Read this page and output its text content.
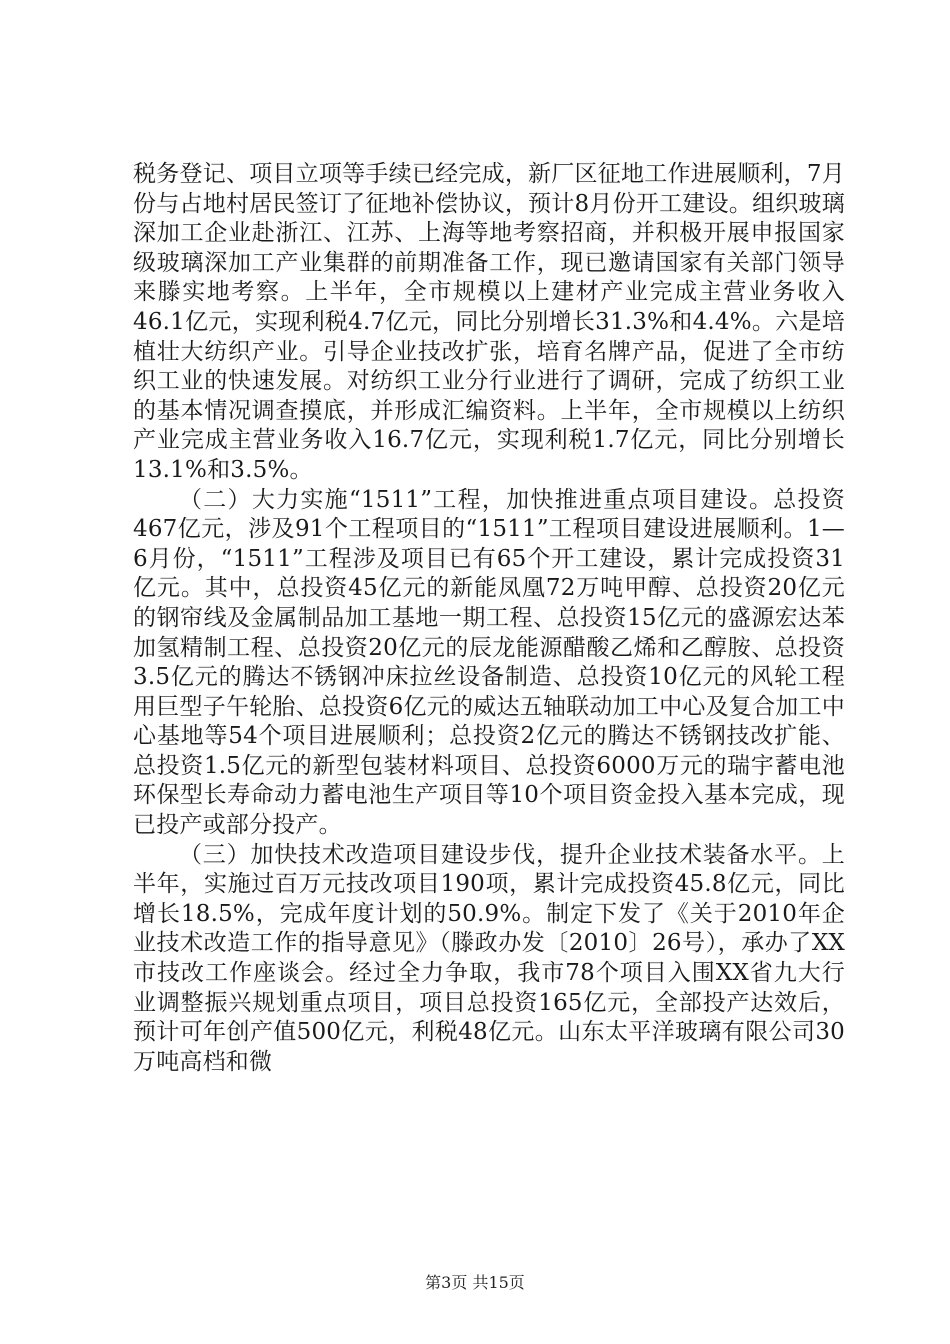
税务登记、项目立项等手续已经完成，新厂区征地工作进展顺利，7月份与占地村居民签订了征地补偿协议，预计8月份开工建设。组织玻璃深加工企业赴浙江、江苏、上海等地考察招商，并积极开展申报国家级玻璃深加工产业集群的前期准备工作，现已邀请国家有关部门领导来滕实地考察。上半年，全市规模以上建材产业完成主营业务收入46.1亿元，实现利税4.7亿元，同比分别增长31.3%和4.4%。六是培植壮大纺织产业。引导企业技改扩张，培育名牌产品，促进了全市纺织工业的快速发展。对纺织工业分行业进行了调研，完成了纺织工业的基本情况调查摸底，并形成汇编资料。上半年，全市规模以上纺织产业完成主营业务收入16.7亿元，实现利税1.7亿元，同比分别增长13.1%和3.5%。

（二）大力实施“1511”工程，加快推进重点项目建设。总投资467亿元，涉及91个工程项目的“1511”工程项目建设进展顺利。1—6月份，“1511”工程涉及项目已有65个开工建设，累计完成投资31亿元。其中，总投资45亿元的新能凤凰72万吨甲醇、总投资20亿元的钢帘线及金属制品加工基地一期工程、总投资15亿元的盛源宏达苯加氢精制工程、总投资20亿元的辰龙能源醋酸乙烯和乙醇胺、总投资3.5亿元的腾达不锈钢冲床拉丝设备制造、总投资10亿元的风轮工程用巨型子午轮胎、总投资6亿元的威达五轴联动加工中心及复合加工中心基地等54个项目进展顺利；总投资2亿元的腾达不锈钢技改扩能、总投资1.5亿元的新型包装材料项目、总投资6000万元的瑞宇蓄电池环保型长寿命动力蓄电池生产项目等10个项目资金投入基本完成，现已投产或部分投产。

（三）加快技术改造项目建设步伐，提升企业技术装备水平。上半年，实施过百万元技改项目190项，累计完成投资45.8亿元，同比增长18.5%，完成年度计划的50.9%。制定下发了《关于2010年企业技术改造工作的指导意见》（滕政办发〔2010〕26号），承办了XX市技改工作座谈会。经过全力争取，我市78个项目入围XX省九大行业调整振兴规划重点项目，项目总投资165亿元，全部投产达效后，预计可年创产值500亿元，利税48亿元。山东太平洋玻璃有限公司30万吨高档和微

第3页 共15页
